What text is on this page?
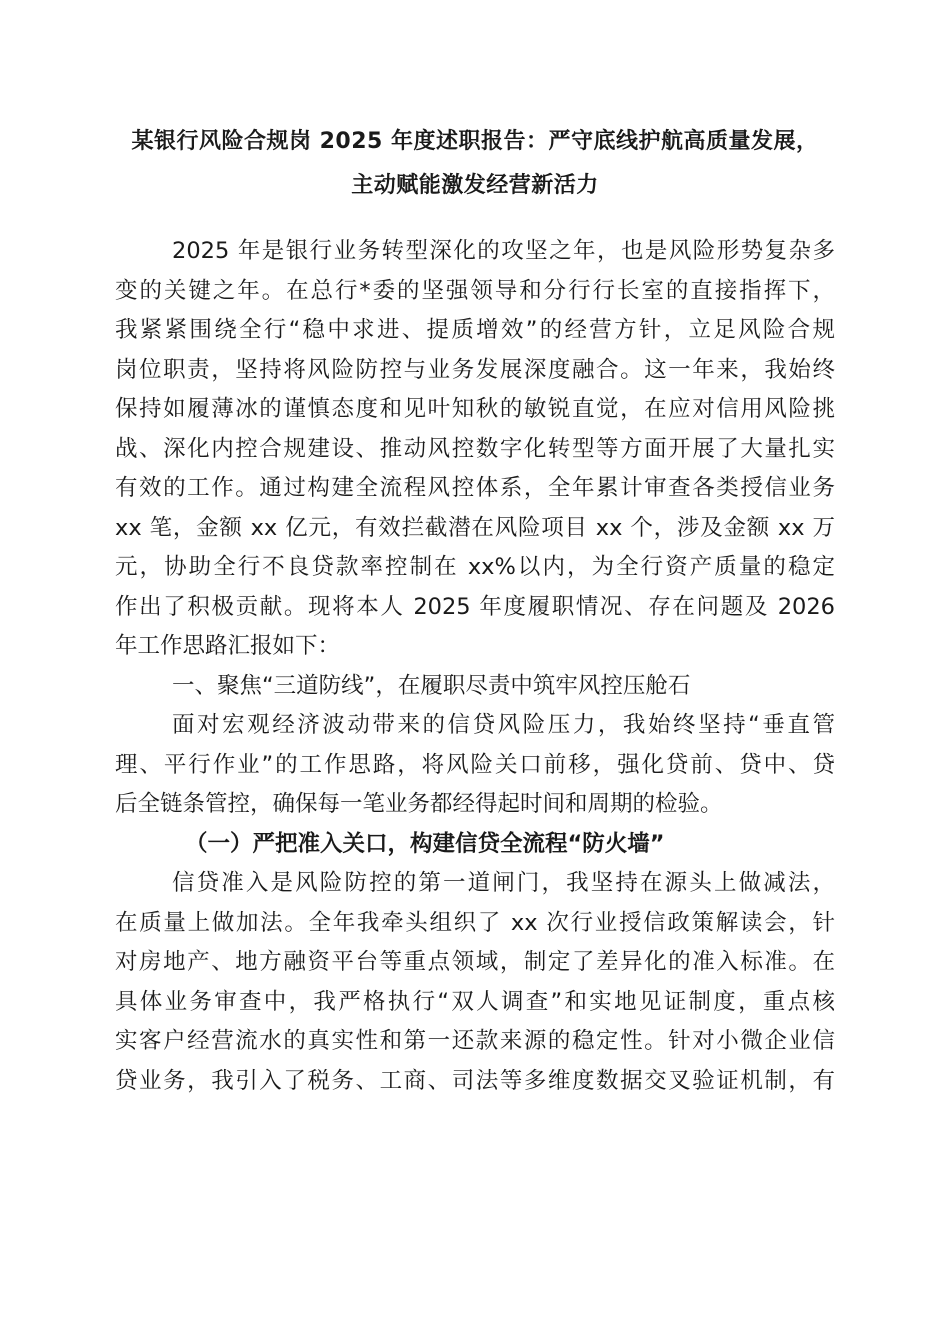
某银行风险合规岗 2025 年度述职报告：严守底线护航高质量发展，
主动赋能激发经营新活力
2025 年是银行业务转型深化的攻坚之年，也是风险形势复杂多
变的关键之年。在总行*委的坚强领导和分行行长室的直接指挥下，
我紧紧围绕全行“稳中求进、提质增效”的经营方针，立足风险合规
岗位职责，坚持将风险防控与业务发展深度融合。这一年来，我始终
保持如履薄冰的谨慎态度和见叶知秋的敏锐直觉，在应对信用风险挑
战、深化内控合规建设、推动风控数字化转型等方面开展了大量扎实
有效的工作。通过构建全流程风控体系，全年累计审查各类授信业务
xx 笔，金额 xx 亿元，有效拦截潜在风险项目 xx 个，涉及金额 xx 万
元，协助全行不良贷款率控制在 xx%以内，为全行资产质量的稳定
作出了积极贡献。现将本人 2025 年度履职情况、存在问题及 2026
年工作思路汇报如下：
一、聚焦“三道防线”，在履职尽责中筑牢风控压舱石
面对宏观经济波动带来的信贷风险压力，我始终坚持“垂直管
理、平行作业”的工作思路，将风险关口前移，强化贷前、贷中、贷
后全链条管控，确保每一笔业务都经得起时间和周期的检验。
（一）严把准入关口，构建信贷全流程“防火墙”
信贷准入是风险防控的第一道闸门，我坚持在源头上做减法，
在质量上做加法。全年我牵头组织了 xx 次行业授信政策解读会，针
对房地产、地方融资平台等重点领域，制定了差异化的准入标准。在
具体业务审查中，我严格执行“双人调查”和实地见证制度，重点核
实客户经营流水的真实性和第一还款来源的稳定性。针对小微企业信
贷业务，我引入了税务、工商、司法等多维度数据交叉验证机制，有
